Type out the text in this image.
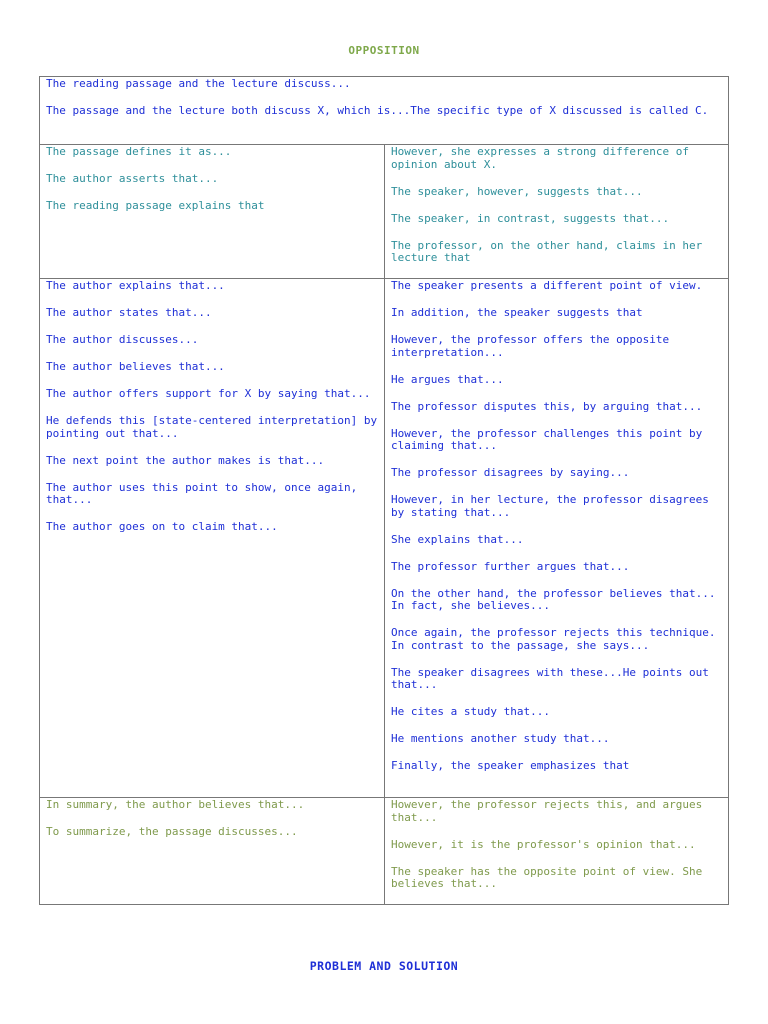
OPPOSITION
The reading passage and the lecture discuss...
The passage and the lecture both discuss X, which is...The specific type of X discussed is called C.
The passage defines it as...
The author asserts that...
The reading passage explains that
However, she expresses a strong difference of opinion about X.
The speaker, however, suggests that...
The speaker, in contrast, suggests that...
The professor, on the other hand, claims in her lecture that
The author explains that...
The author states that...
The author discusses...
The author believes that...
The author offers support for X by saying that...
He defends this [state-centered interpretation] by pointing out that...
The next point the author makes is that...
The author uses this point to show, once again, that...
The author goes on to claim that...
The speaker presents a different point of view.
In addition, the speaker suggests that
However, the professor offers the opposite interpretation...
He argues that...
The professor disputes this, by arguing that...
However, the professor challenges this point by claiming that...
The professor disagrees by saying...
However, in her lecture, the professor disagrees by stating that...
She explains that...
The professor further argues that...
On the other hand, the professor believes that... In fact, she believes...
Once again, the professor rejects this technique. In contrast to the passage, she says...
The speaker disagrees with these...He points out that...
He cites a study that...
He mentions another study that...
Finally, the speaker emphasizes that
In summary, the author believes that...
To summarize, the passage discusses...
However, the professor rejects this, and argues that...
However, it is the professor's opinion that...
The speaker has the opposite point of view. She believes that...
PROBLEM AND SOLUTION
